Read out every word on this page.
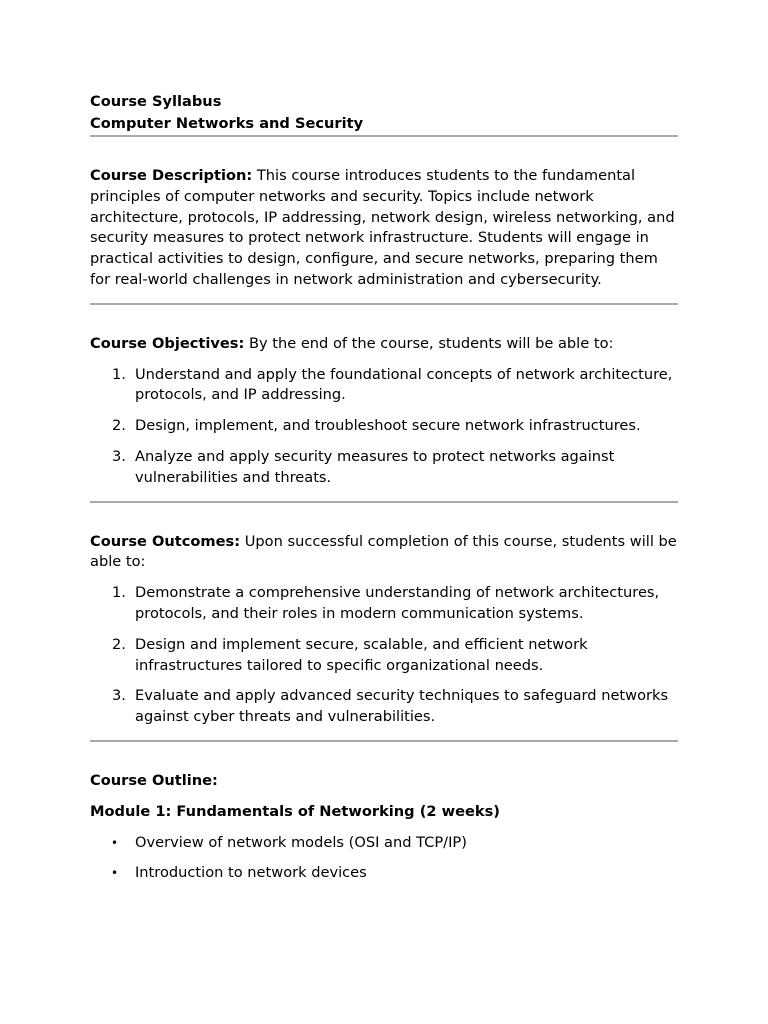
Course Syllabus

Computer Networks and Security

Course Description: This course introduces students to the fundamental principles of computer networks and security. Topics include network architecture, protocols, IP addressing, network design, wireless networking, and security measures to protect network infrastructure. Students will engage in practical activities to design, configure, and secure networks, preparing them for real-world challenges in network administration and cybersecurity.

Course Objectives: By the end of the course, students will be able to:

1. Understand and apply the foundational concepts of network architecture, protocols, and IP addressing.
2. Design, implement, and troubleshoot secure network infrastructures.
3. Analyze and apply security measures to protect networks against vulnerabilities and threats.

Course Outcomes: Upon successful completion of this course, students will be able to:

1. Demonstrate a comprehensive understanding of network architectures, protocols, and their roles in modern communication systems.
2. Design and implement secure, scalable, and efficient network infrastructures tailored to specific organizational needs.
3. Evaluate and apply advanced security techniques to safeguard networks against cyber threats and vulnerabilities.

Course Outline:

Module 1: Fundamentals of Networking (2 weeks)

• Overview of network models (OSI and TCP/IP)
• Introduction to network devices
